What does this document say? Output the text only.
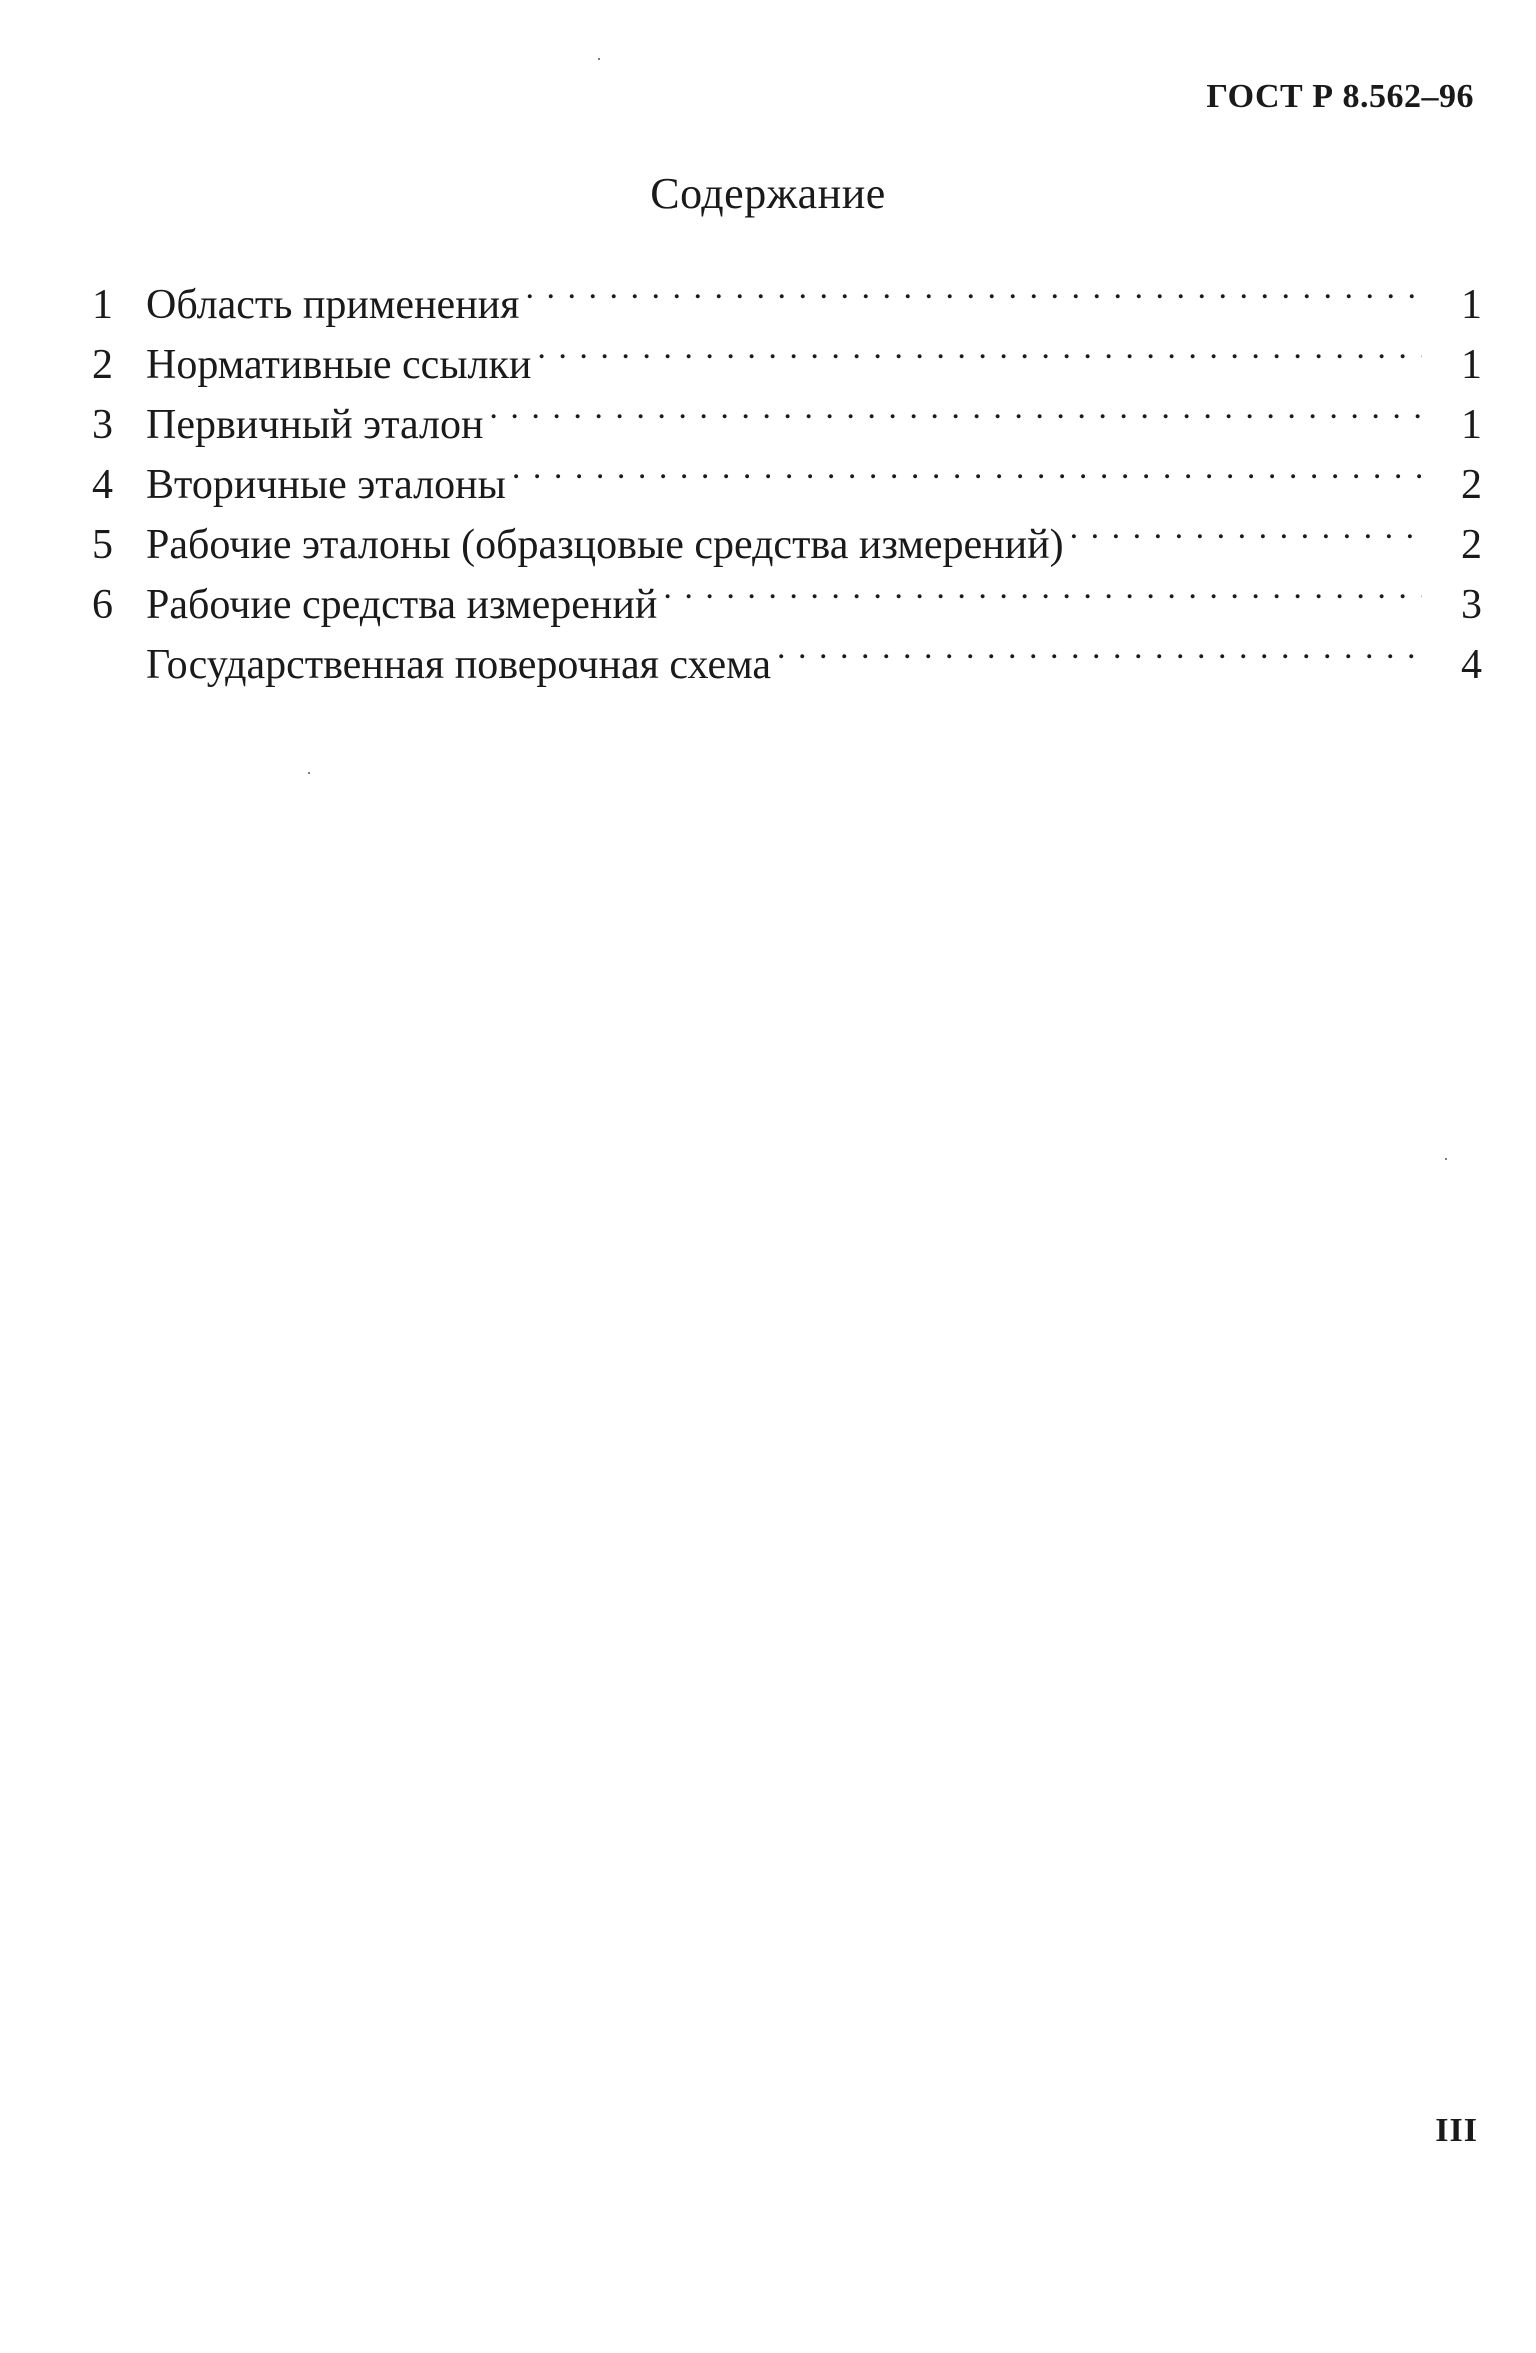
ГОСТ Р 8.562–96
Содержание
1 Область применения . . .	1
2 Нормативные ссылки . . .	1
3 Первичный эталон . . .	1
4 Вторичные эталоны . . .	2
5 Рабочие эталоны (образцовые средства измерений) . . .	2
6 Рабочие средства измерений . . .	3
Государственная поверочная схема . . .	4
III
